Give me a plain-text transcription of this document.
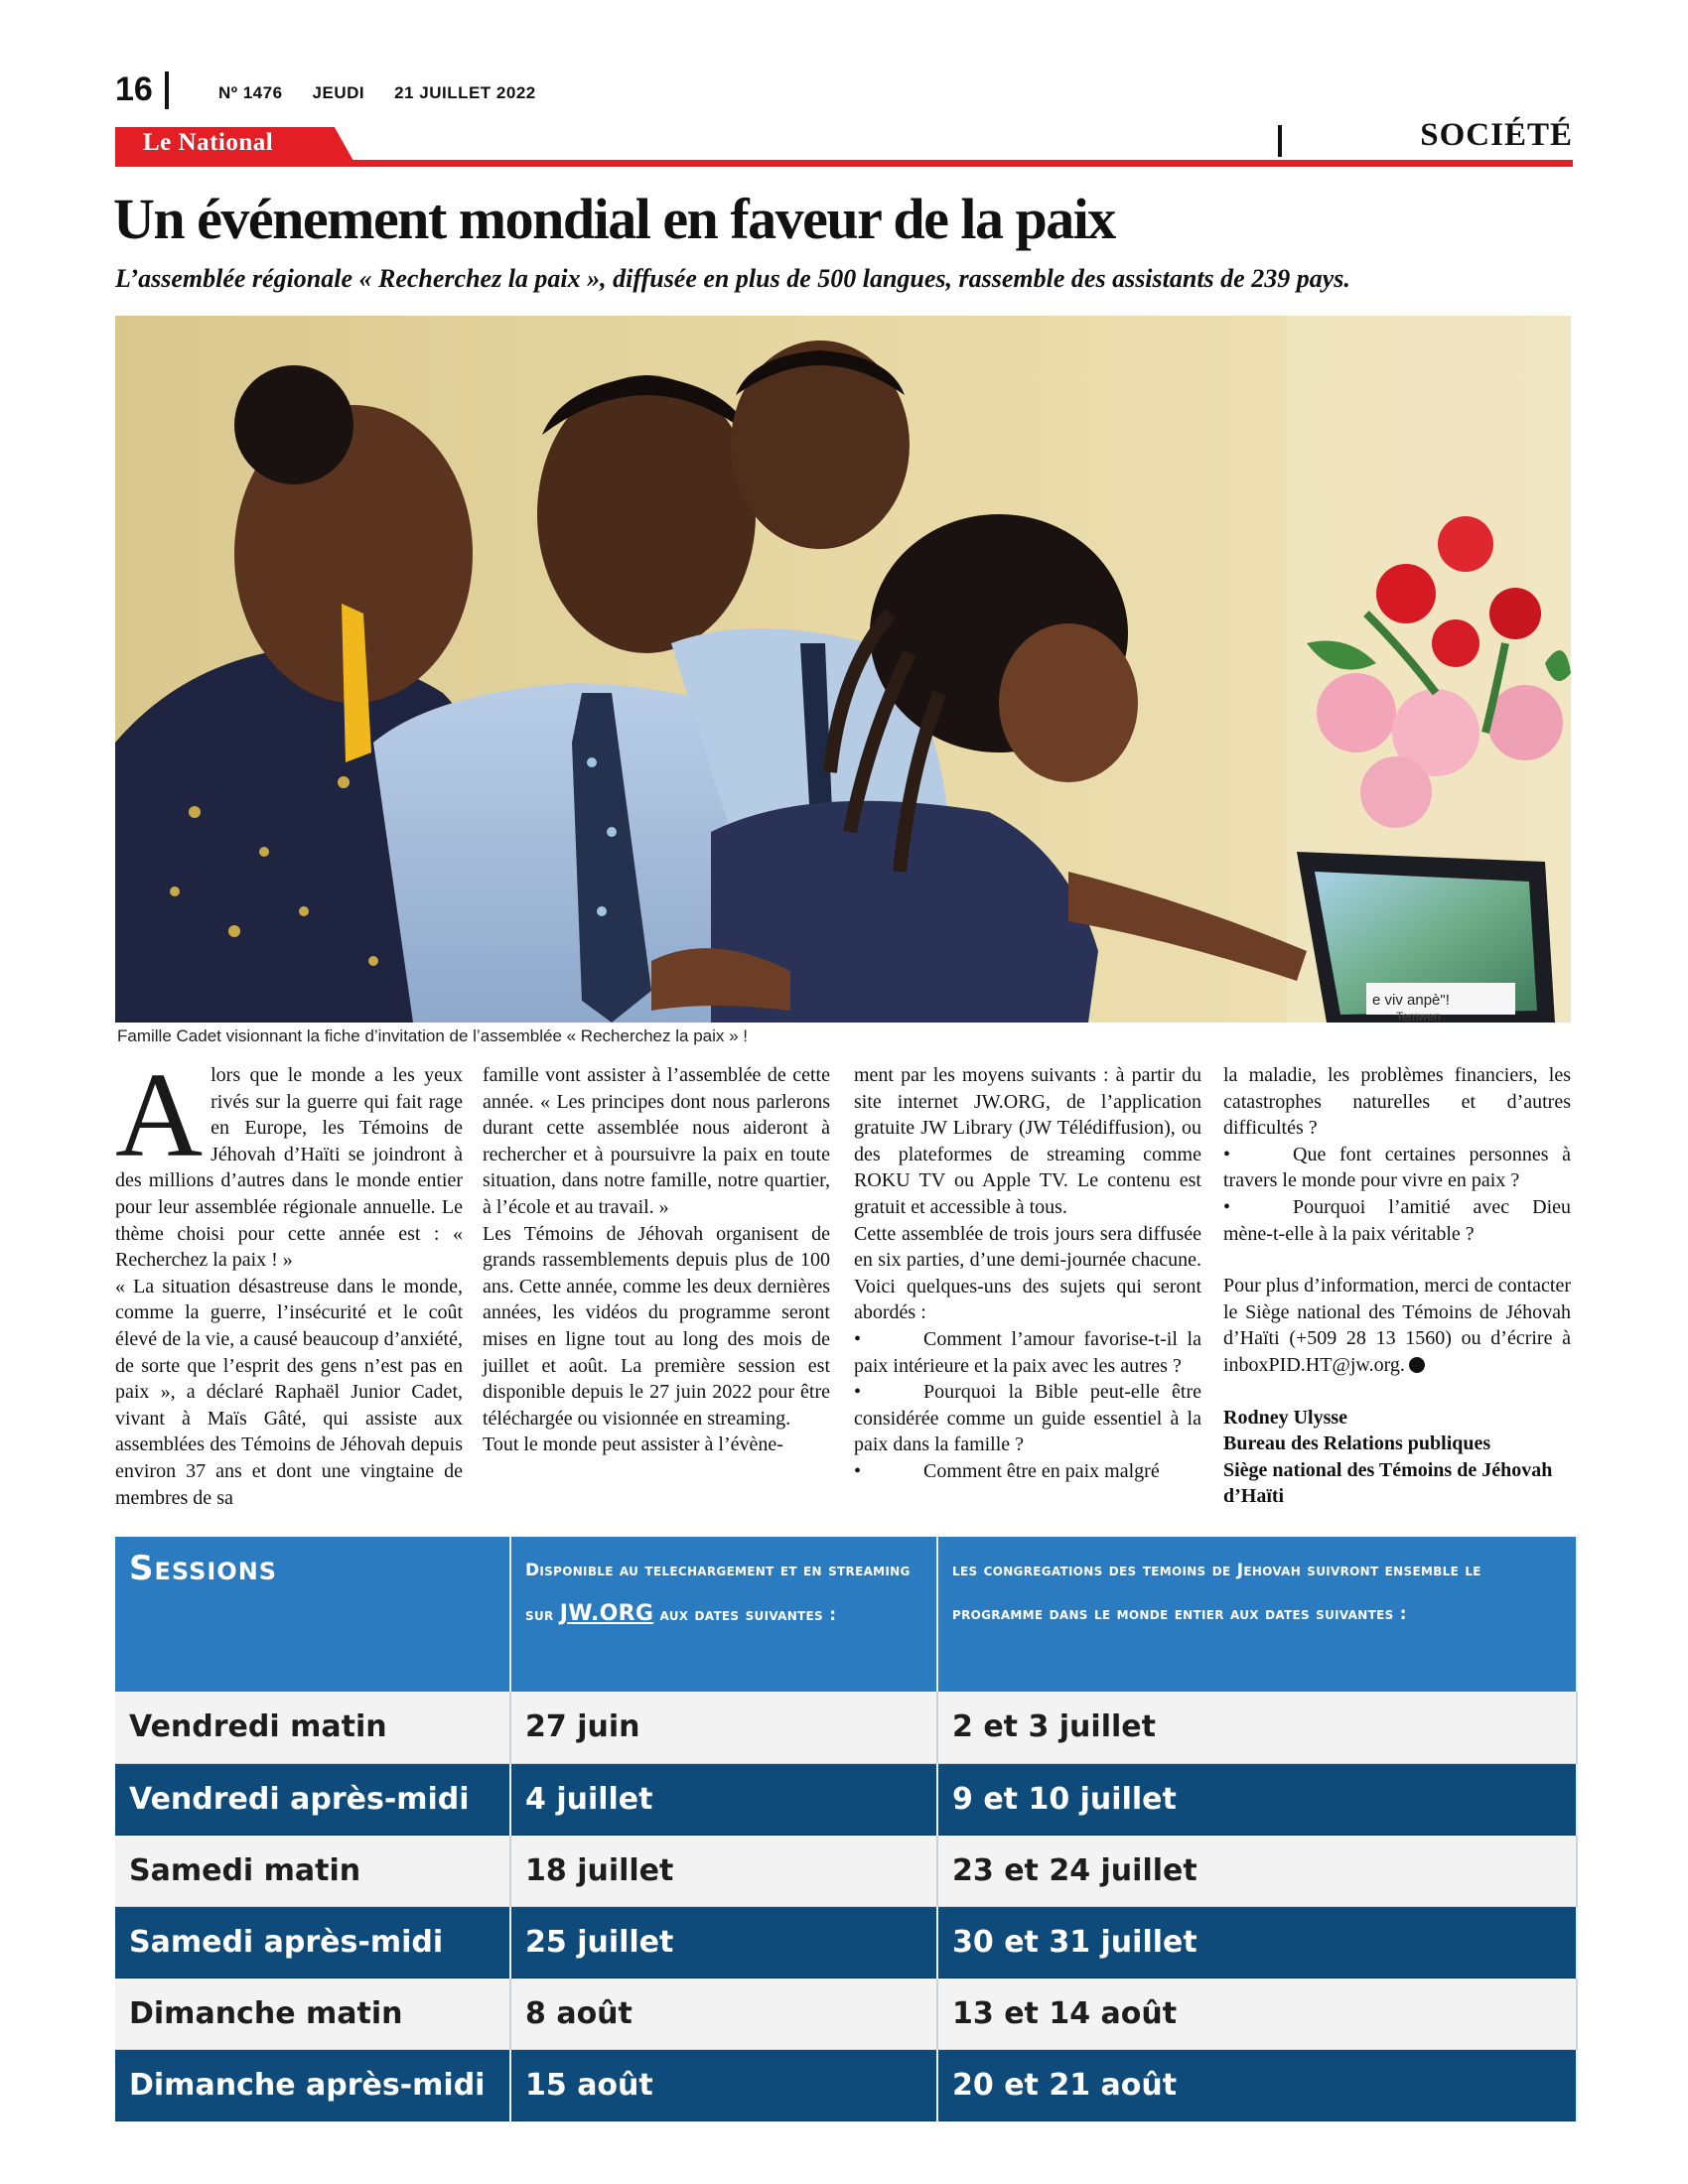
16	Nº 1476 JEUDI 21 JUILLET 2022
Le National	SOCIÉTÉ
Un événement mondial en faveur de la paix
L’assemblée régionale « Recherchez la paix », diffusée en plus de 500 langues, rassemble des assistants de 239 pays.
e viv anpè"!
Temwen
Famille Cadet visionnant la fiche d’invitation de l’assemblée « Recherchez la paix » !

Alors que le monde a les yeux rivés sur la guerre qui fait rage en Europe, les Témoins de Jéhovah d’Haïti se joindront à des millions d’autres dans le monde entier pour leur assemblée régionale annuelle. Le thème choisi pour cette année est : « Recherchez la paix ! »

« La situation désastreuse dans le monde, comme la guerre, l’insécurité et le coût élevé de la vie, a causé beaucoup d’anxiété, de sorte que l’esprit des gens n’est pas en paix », a déclaré Raphaël Junior Cadet, vivant à Maïs Gâté, qui assiste aux assemblées des Témoins de Jéhovah depuis environ 37 ans et dont une vingtaine de membres de sa

famille vont assister à l’assemblée de cette année. « Les principes dont nous parlerons durant cette assemblée nous aideront à rechercher et à poursuivre la paix en toute situation, dans notre famille, notre quartier, à l’école et au travail. »

Les Témoins de Jéhovah organisent de grands rassemblements depuis plus de 100 ans. Cette année, comme les deux dernières années, les vidéos du programme seront mises en ligne tout au long des mois de juillet et août. La première session est disponible depuis le 27 juin 2022 pour être téléchargée ou visionnée en streaming.

Tout le monde peut assister à l’évène-

ment par les moyens suivants : à partir du site internet JW.ORG, de l’application gratuite JW Library (JW Télédiffusion), ou des plateformes de streaming comme ROKU TV ou Apple TV. Le contenu est gratuit et accessible à tous.

Cette assemblée de trois jours sera diffusée en six parties, d’une demi-journée chacune. Voici quelques-uns des sujets qui seront abordés :

•	Comment l’amour favorise-t-il la paix intérieure et la paix avec les autres ?

•	Pourquoi la Bible peut-elle être considérée comme un guide essentiel à la paix dans la famille ?

•	Comment être en paix malgré

la maladie, les problèmes financiers, les catastrophes naturelles et d’autres difficultés ?

•	Que font certaines personnes à travers le monde pour vivre en paix ?

•	Pourquoi l’amitié avec Dieu mène-t-elle à la paix véritable ?

Pour plus d’information, merci de contacter le Siège national des Témoins de Jéhovah d’Haïti (+509 28 13 1560) ou d’écrire à inboxPID.HT@jw.org.

Rodney Ulysse

Bureau des Relations publiques

Siège national des Témoins de Jéhovah d’Haïti

Sessions	Disponible au telechargement et en streaming sur JW.ORG aux dates suivantes :	les congregations des temoins de Jehovah suivront ensemble le programme dans le monde entier aux dates suivantes :
Vendredi matin	27 juin	2 et 3 juillet
Vendredi après-midi	4 juillet	9 et 10 juillet
Samedi matin	18 juillet	23 et 24 juillet
Samedi après-midi	25 juillet	30 et 31 juillet
Dimanche matin	8 août	13 et 14 août
Dimanche après-midi	15 août	20 et 21 août
